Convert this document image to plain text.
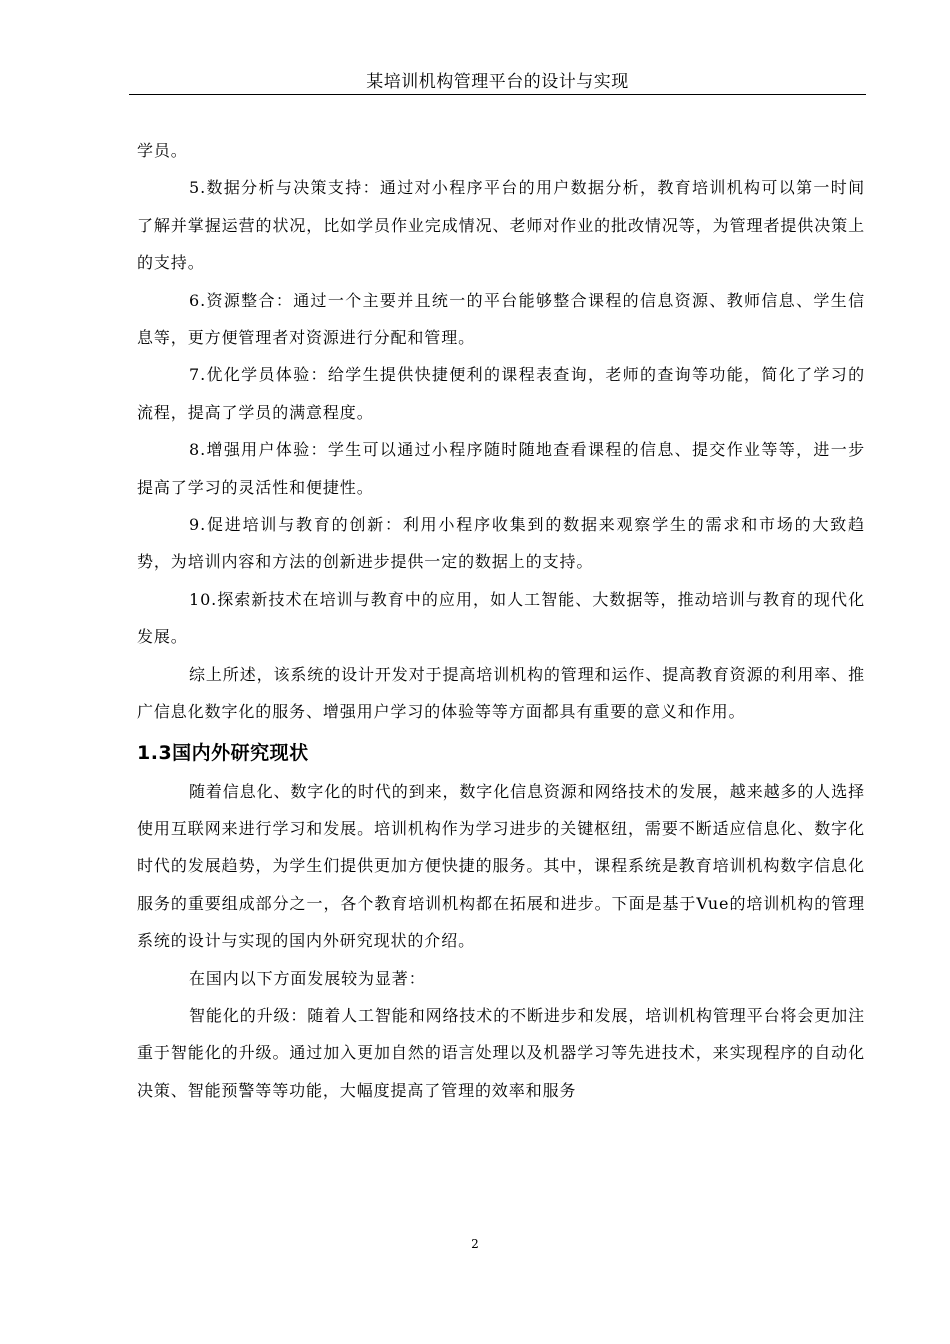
某培训机构管理平台的设计与实现

学员。

5.数据分析与决策支持：通过对小程序平台的用户数据分析，教育培训机构可以第一时间了解并掌握运营的状况，比如学员作业完成情况、老师对作业的批改情况等，为管理者提供决策上的支持。

6.资源整合：通过一个主要并且统一的平台能够整合课程的信息资源、教师信息、学生信息等，更方便管理者对资源进行分配和管理。

7.优化学员体验：给学生提供快捷便利的课程表查询，老师的查询等功能，简化了学习的流程，提高了学员的满意程度。

8.增强用户体验：学生可以通过小程序随时随地查看课程的信息、提交作业等等，进一步提高了学习的灵活性和便捷性。

9.促进培训与教育的创新：利用小程序收集到的数据来观察学生的需求和市场的大致趋势，为培训内容和方法的创新进步提供一定的数据上的支持。

10.探索新技术在培训与教育中的应用，如人工智能、大数据等，推动培训与教育的现代化发展。

综上所述，该系统的设计开发对于提高培训机构的管理和运作、提高教育资源的利用率、推广信息化数字化的服务、增强用户学习的体验等等方面都具有重要的意义和作用。

1.3国内外研究现状

随着信息化、数字化的时代的到来，数字化信息资源和网络技术的发展，越来越多的人选择使用互联网来进行学习和发展。培训机构作为学习进步的关键枢纽，需要不断适应信息化、数字化时代的发展趋势，为学生们提供更加方便快捷的服务。其中，课程系统是教育培训机构数字信息化服务的重要组成部分之一，各个教育培训机构都在拓展和进步。下面是基于Vue的培训机构的管理系统的设计与实现的国内外研究现状的介绍。

在国内以下方面发展较为显著：

智能化的升级：随着人工智能和网络技术的不断进步和发展，培训机构管理平台将会更加注重于智能化的升级。通过加入更加自然的语言处理以及机器学习等先进技术，来实现程序的自动化决策、智能预警等等功能，大幅度提高了管理的效率和服务

2
